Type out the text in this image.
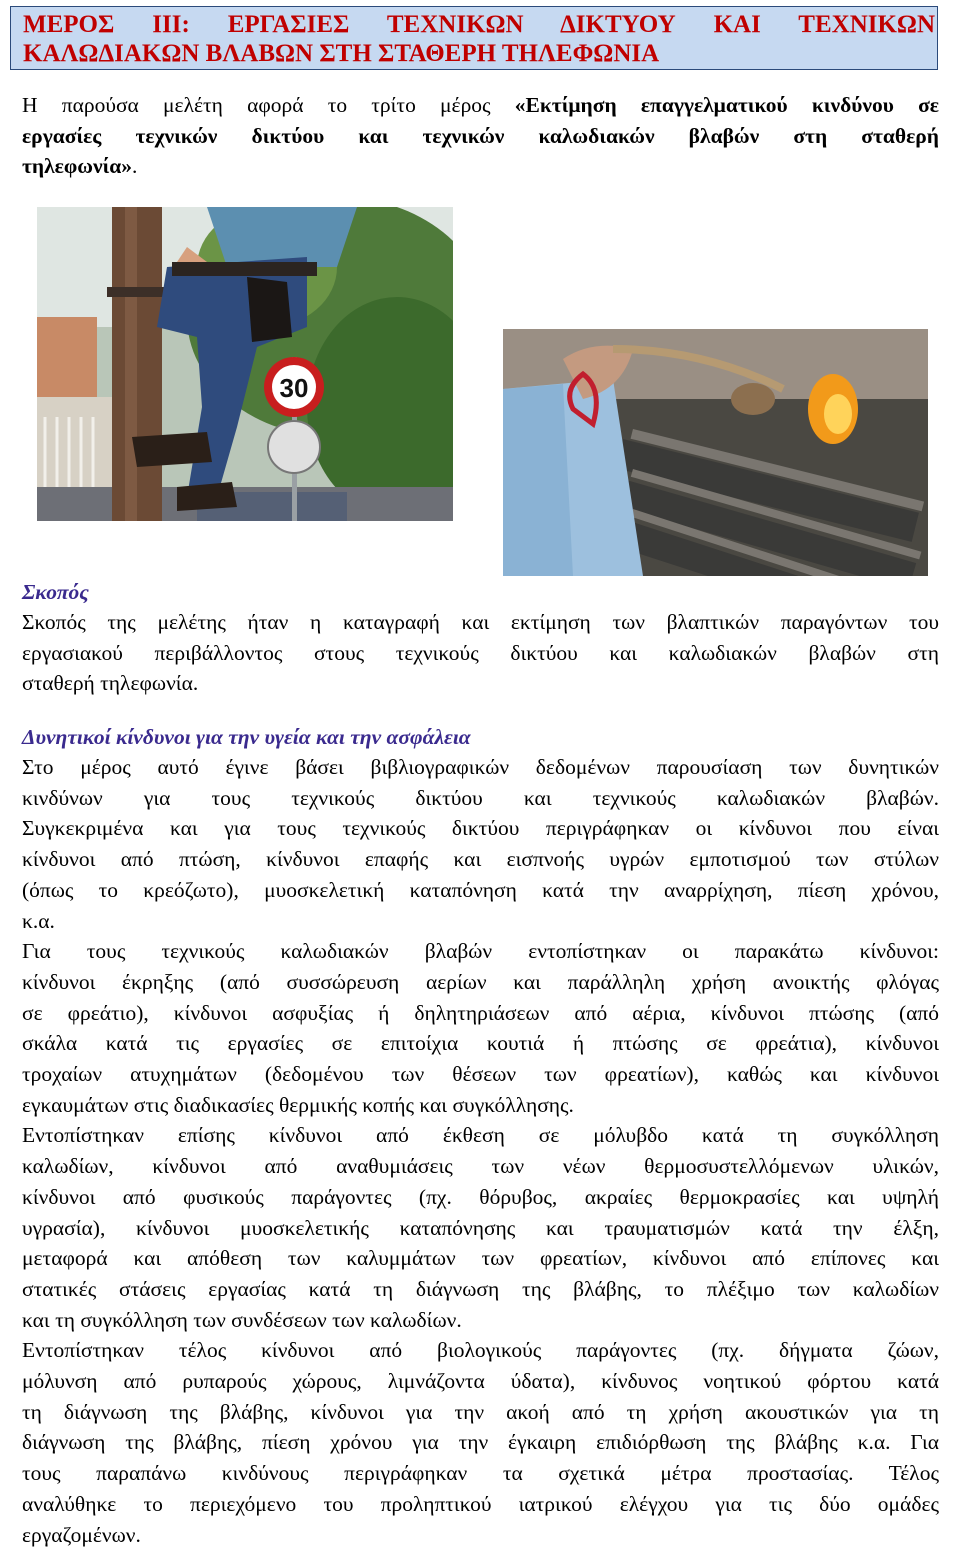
ΜΕΡΟΣ ΙΙΙ: ΕΡΓΑΣΙΕΣ ΤΕΧΝΙΚΩΝ ΔΙΚΤΥΟΥ ΚΑΙ ΤΕΧΝΙΚΩΝ
ΚΑΛΩΔΙΑΚΩΝ ΒΛΑΒΩΝ ΣΤΗ ΣΤΑΘΕΡΗ ΤΗΛΕΦΩΝΙΑ
Η παρούσα μελέτη αφορά το τρίτο μέρος «Εκτίμηση επαγγελματικού κινδύνου σε
εργασίες τεχνικών δικτύου και τεχνικών καλωδιακών βλαβών στη σταθερή
τηλεφωνία».
30
Σκοπός
Σκοπός της μελέτης ήταν η καταγραφή και εκτίμηση των βλαπτικών παραγόντων του
εργασιακού περιβάλλοντος στους τεχνικούς δικτύου και καλωδιακών βλαβών στη
σταθερή τηλεφωνία.
Δυνητικοί κίνδυνοι για την υγεία και την ασφάλεια
Στο μέρος αυτό έγινε βάσει βιβλιογραφικών δεδομένων παρουσίαση των δυνητικών
κινδύνων για τους τεχνικούς δικτύου και τεχνικούς καλωδιακών βλαβών.
Συγκεκριμένα και για τους τεχνικούς δικτύου περιγράφηκαν οι κίνδυνοι που είναι
κίνδυνοι από πτώση, κίνδυνοι επαφής και εισπνοής υγρών εμποτισμού των στύλων
(όπως το κρεόζωτο), μυοσκελετική καταπόνηση κατά την αναρρίχηση, πίεση χρόνου,
κ.α.
Για τους τεχνικούς καλωδιακών βλαβών εντοπίστηκαν οι παρακάτω κίνδυνοι:
κίνδυνοι έκρηξης (από συσσώρευση αερίων και παράλληλη χρήση ανοικτής φλόγας
σε φρεάτιο), κίνδυνοι ασφυξίας ή δηλητηριάσεων από αέρια, κίνδυνοι πτώσης (από
σκάλα κατά τις εργασίες σε επιτοίχια κουτιά ή πτώσης σε φρεάτια), κίνδυνοι
τροχαίων ατυχημάτων (δεδομένου των θέσεων των φρεατίων), καθώς και κίνδυνοι
εγκαυμάτων στις διαδικασίες θερμικής κοπής και συγκόλλησης.
Εντοπίστηκαν επίσης κίνδυνοι από έκθεση σε μόλυβδο κατά τη συγκόλληση
καλωδίων, κίνδυνοι από αναθυμιάσεις των νέων θερμοσυστελλόμενων υλικών,
κίνδυνοι από φυσικούς παράγοντες (πχ. θόρυβος, ακραίες θερμοκρασίες και υψηλή
υγρασία), κίνδυνοι μυοσκελετικής καταπόνησης και τραυματισμών κατά την έλξη,
μεταφορά και απόθεση των καλυμμάτων των φρεατίων, κίνδυνοι από επίπονες και
στατικές στάσεις εργασίας κατά τη διάγνωση της βλάβης, το πλέξιμο των καλωδίων
και τη συγκόλληση των συνδέσεων των καλωδίων.
Εντοπίστηκαν τέλος κίνδυνοι από βιολογικούς παράγοντες (πχ. δήγματα ζώων,
μόλυνση από ρυπαρούς χώρους, λιμνάζοντα ύδατα), κίνδυνος νοητικού φόρτου κατά
τη διάγνωση της βλάβης, κίνδυνοι για την ακοή από τη χρήση ακουστικών για τη
διάγνωση της βλάβης, πίεση χρόνου για την έγκαιρη επιδιόρθωση της βλάβης κ.α. Για
τους παραπάνω κινδύνους περιγράφηκαν τα σχετικά μέτρα προστασίας. Τέλος
αναλύθηκε το περιεχόμενο του προληπτικού ιατρικού ελέγχου για τις δύο ομάδες
εργαζομένων.
